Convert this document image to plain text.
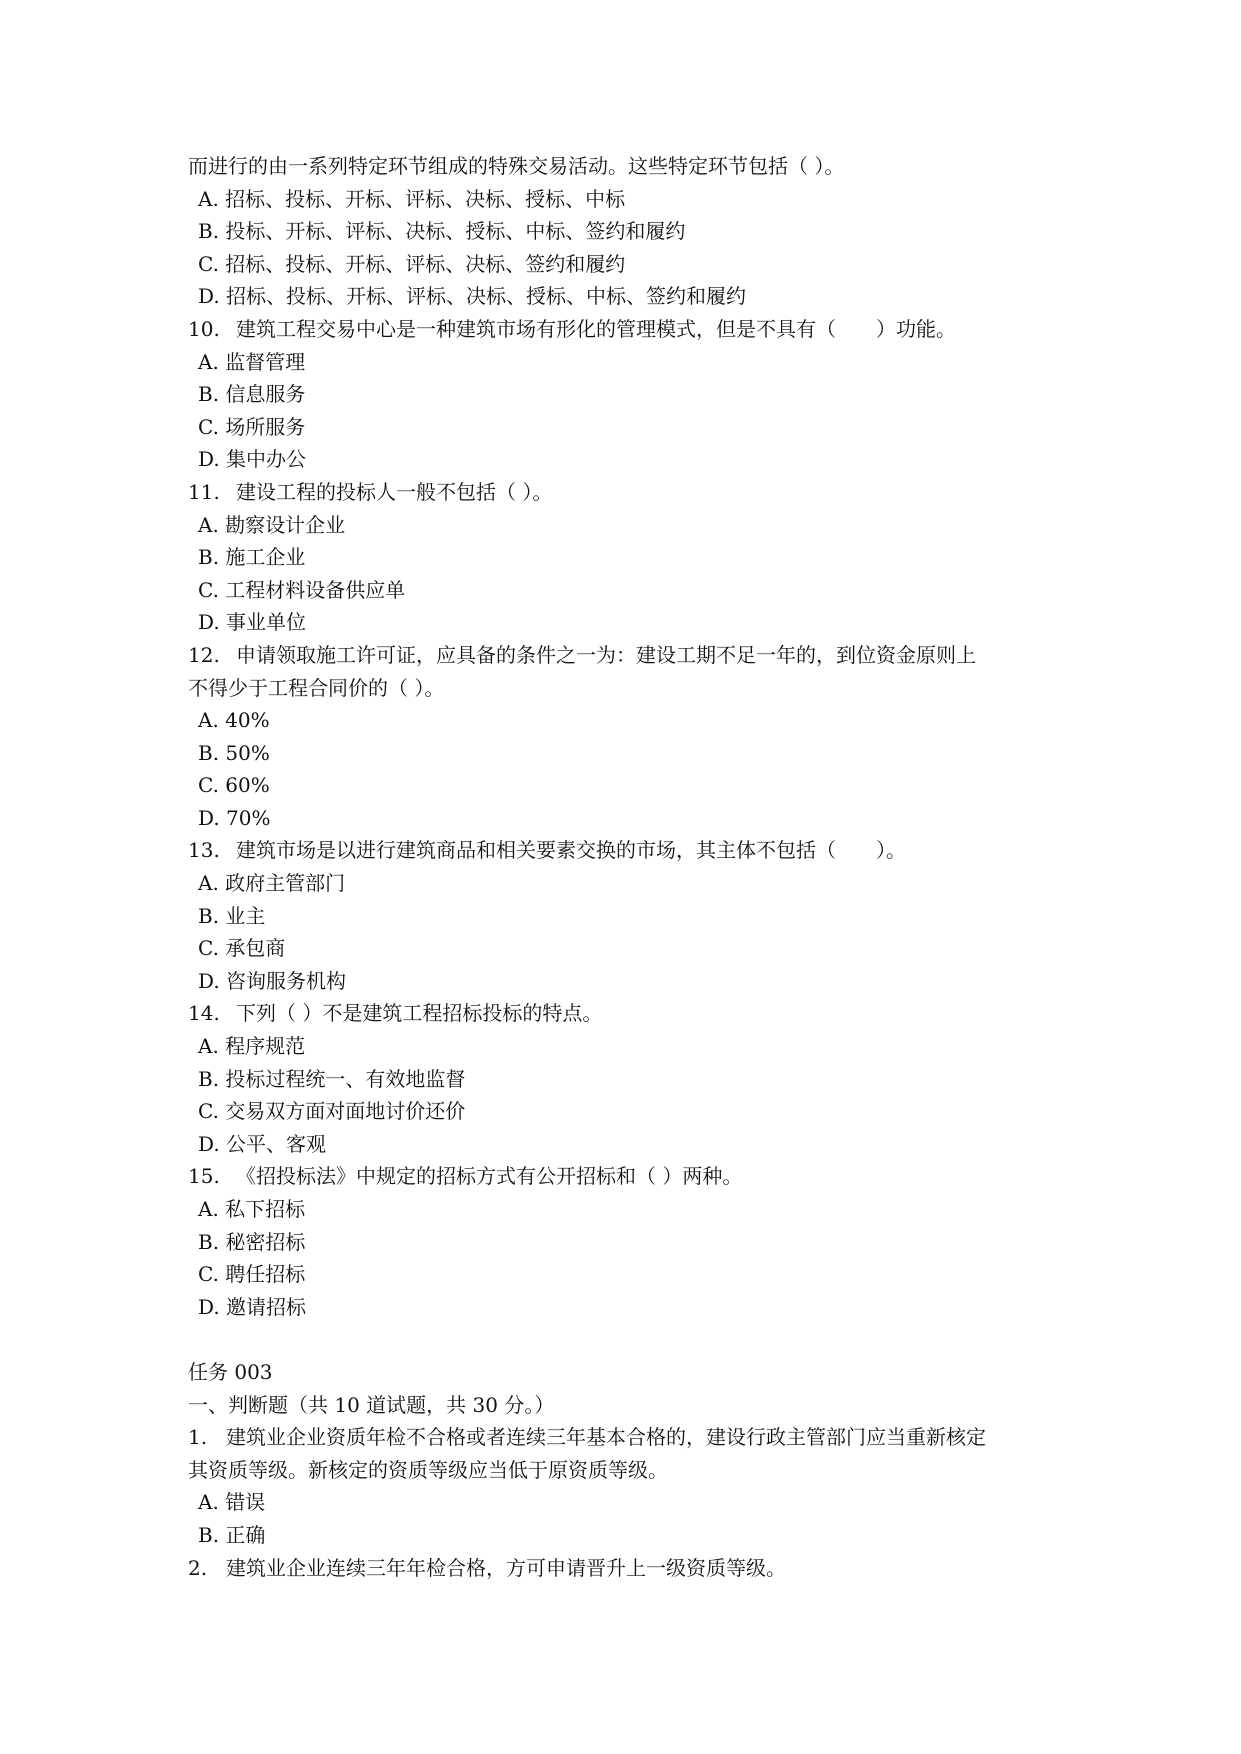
而进行的由一系列特定环节组成的特殊交易活动。这些特定环节包括（ ）。
A. 招标、投标、开标、评标、决标、授标、中标
B. 投标、开标、评标、决标、授标、中标、签约和履约
C. 招标、投标、开标、评标、决标、签约和履约
D. 招标、投标、开标、评标、决标、授标、中标、签约和履约
10. 建筑工程交易中心是一种建筑市场有形化的管理模式，但是不具有（　　）功能。
A. 监督管理
B. 信息服务
C. 场所服务
D. 集中办公
11. 建设工程的投标人一般不包括（ ）。
A. 勘察设计企业
B. 施工企业
C. 工程材料设备供应单
D. 事业单位
12. 申请领取施工许可证，应具备的条件之一为：建设工期不足一年的，到位资金原则上
不得少于工程合同价的（ ）。
A. 40%
B. 50%
C. 60%
D. 70%
13. 建筑市场是以进行建筑商品和相关要素交换的市场，其主体不包括（　　）。
A. 政府主管部门
B. 业主
C. 承包商
D. 咨询服务机构
14. 下列（ ）不是建筑工程招标投标的特点。
A. 程序规范
B. 投标过程统一、有效地监督
C. 交易双方面对面地讨价还价
D. 公平、客观
15. 《招投标法》中规定的招标方式有公开招标和（ ）两种。
A. 私下招标
B. 秘密招标
C. 聘任招标
D. 邀请招标
任务 003
一、判断题（共 10 道试题，共 30 分。）
1. 建筑业企业资质年检不合格或者连续三年基本合格的，建设行政主管部门应当重新核定
其资质等级。新核定的资质等级应当低于原资质等级。
A. 错误
B. 正确
2. 建筑业企业连续三年年检合格，方可申请晋升上一级资质等级。
